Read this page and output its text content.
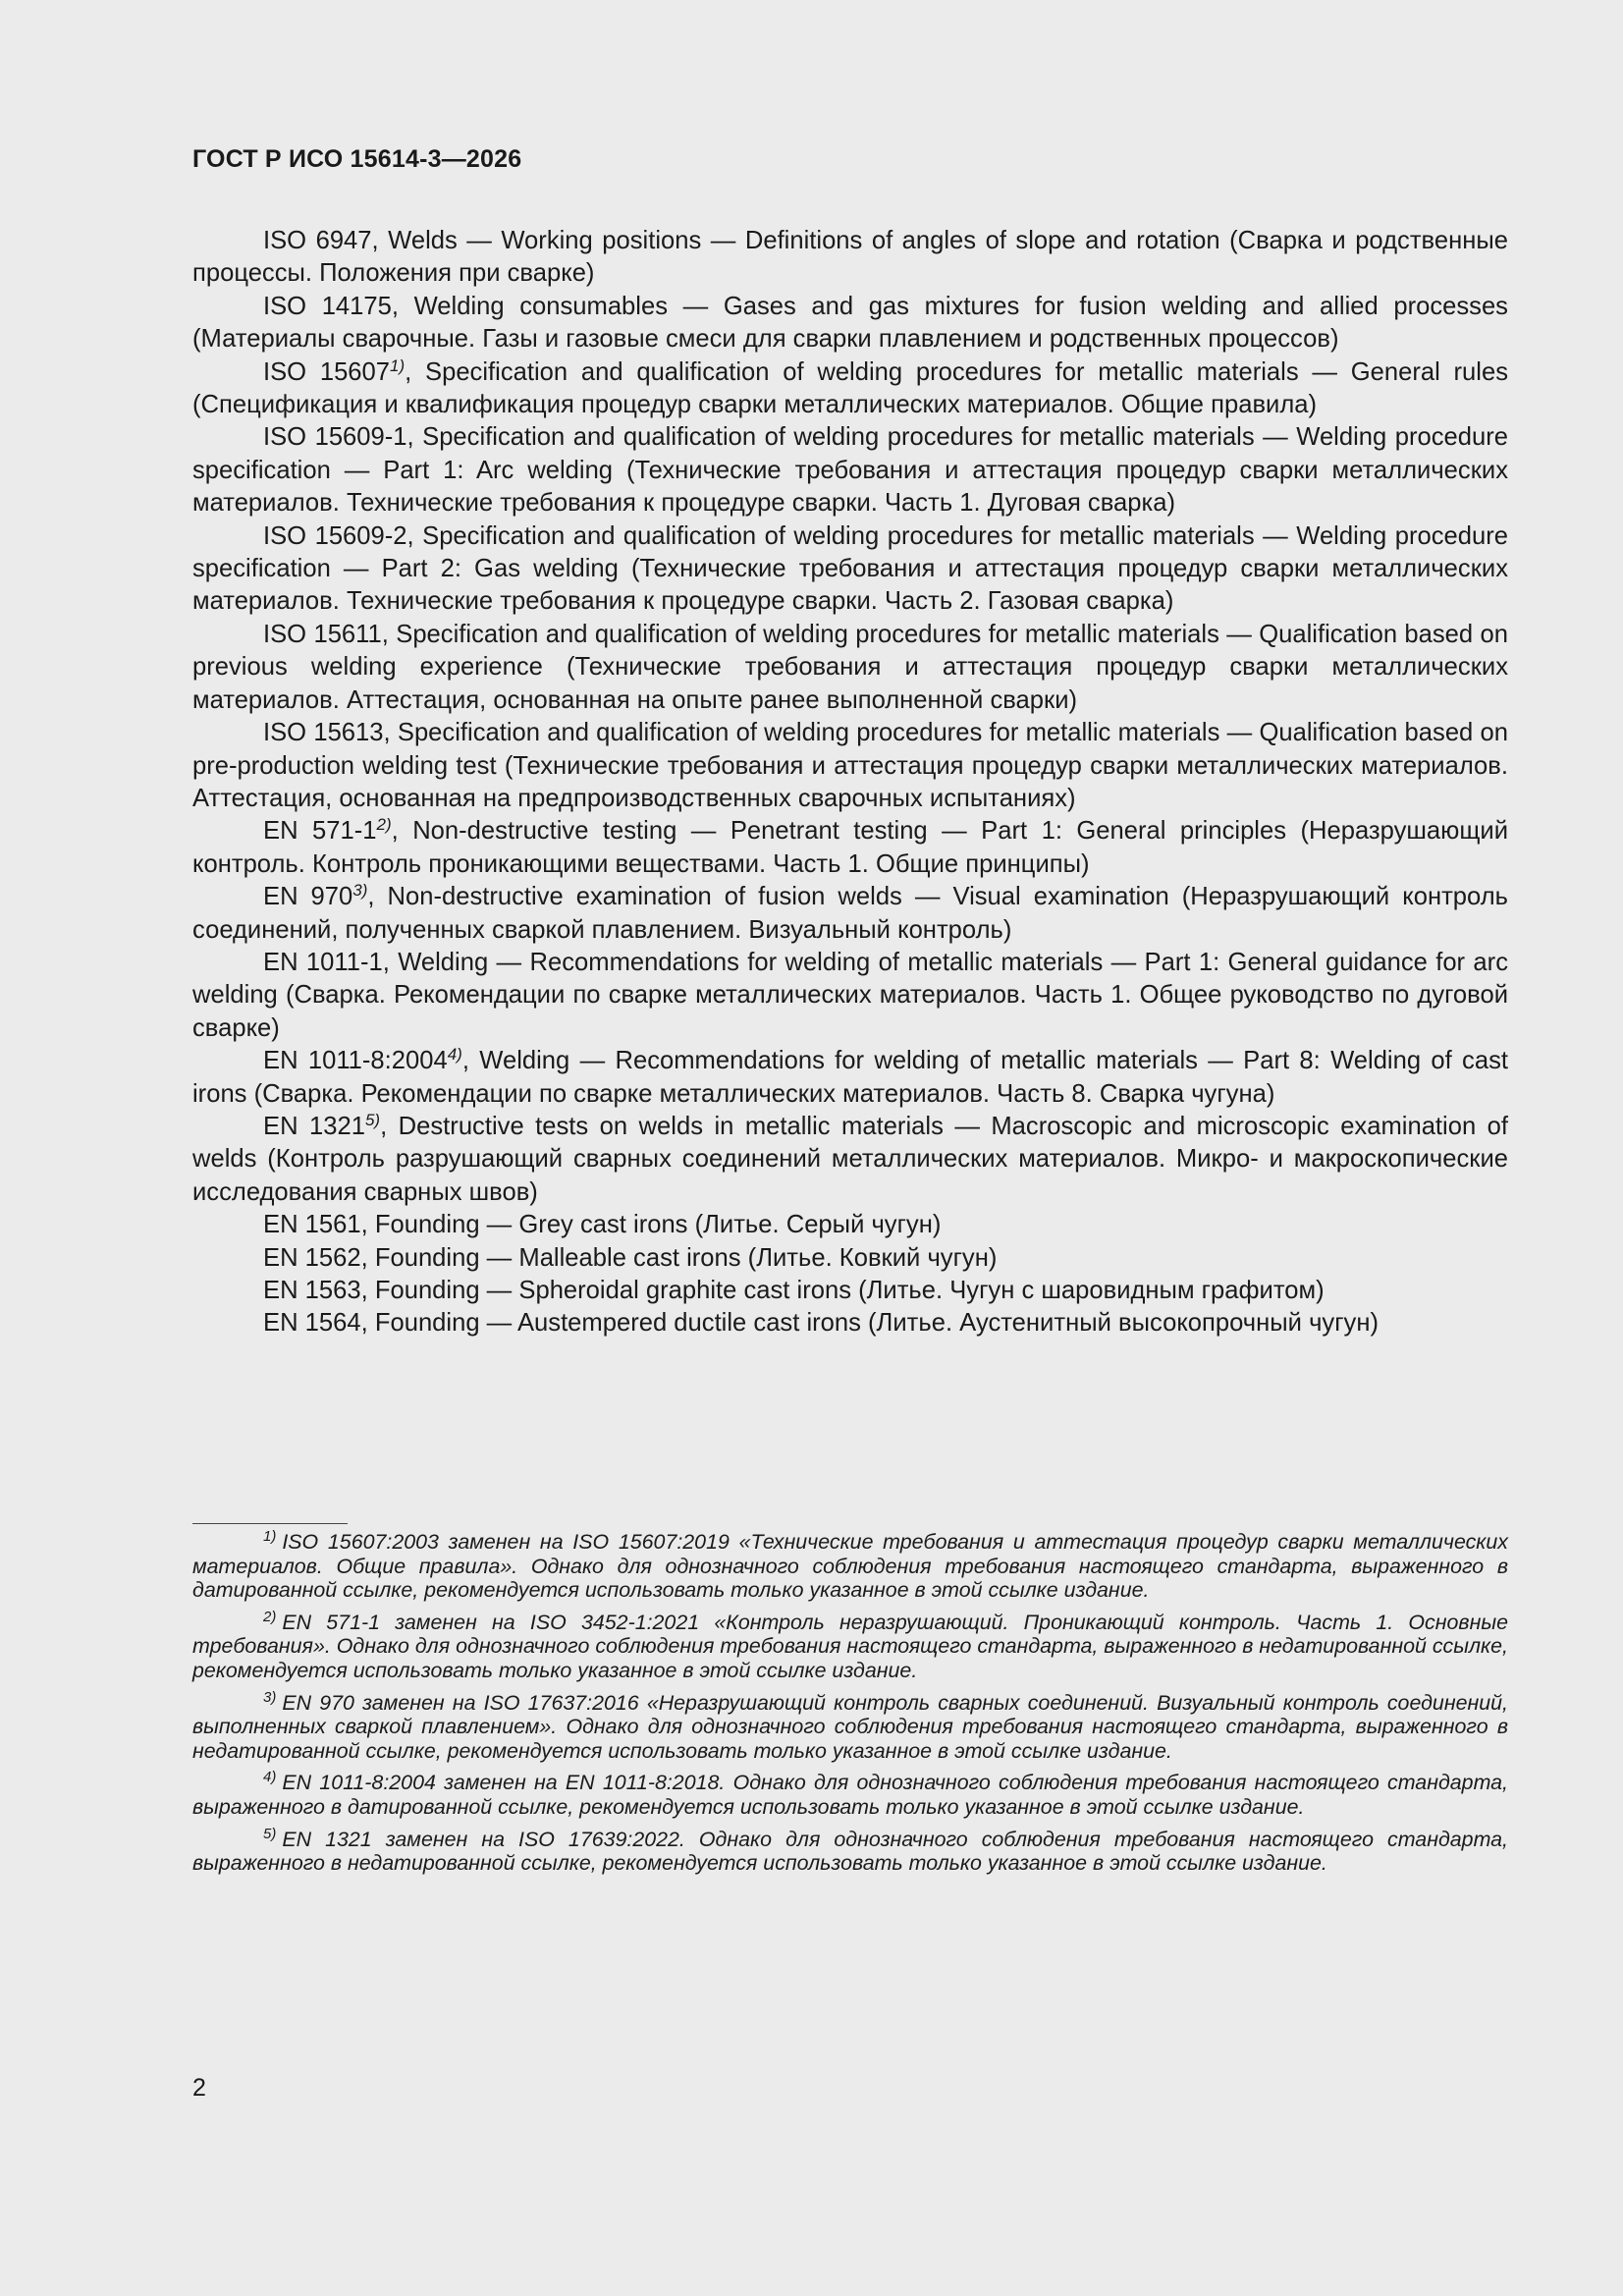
ГОСТ Р ИСО 15614-3—2026

ISO 6947, Welds — Working positions — Definitions of angles of slope and rotation (Сварка и родственные процессы. Положения при сварке)

ISO 14175, Welding consumables — Gases and gas mixtures for fusion welding and allied processes (Материалы сварочные. Газы и газовые смеси для сварки плавлением и родственных процессов)

ISO 15607$^{1)}$, Specification and qualification of welding procedures for metallic materials — General rules (Спецификация и квалификация процедур сварки металлических материалов. Общие правила)

ISO 15609-1, Specification and qualification of welding procedures for metallic materials — Welding procedure specification — Part 1: Arc welding (Технические требования и аттестация процедур сварки металлических материалов. Технические требования к процедуре сварки. Часть 1. Дуговая сварка)

ISO 15609-2, Specification and qualification of welding procedures for metallic materials — Welding procedure specification — Part 2: Gas welding (Технические требования и аттестация процедур сварки металлических материалов. Технические требования к процедуре сварки. Часть 2. Газовая сварка)

ISO 15611, Specification and qualification of welding procedures for metallic materials — Qualification based on previous welding experience (Технические требования и аттестация процедур сварки металлических материалов. Аттестация, основанная на опыте ранее выполненной сварки)

ISO 15613, Specification and qualification of welding procedures for metallic materials — Qualification based on pre-production welding test (Технические требования и аттестация процедур сварки металлических материалов. Аттестация, основанная на предпроизводственных сварочных испытаниях)

EN 571-1$^{2)}$, Non-destructive testing — Penetrant testing — Part 1: General principles (Неразрушающий контроль. Контроль проникающими веществами. Часть 1. Общие принципы)

EN 970$^{3)}$, Non-destructive examination of fusion welds — Visual examination (Неразрушающий контроль соединений, полученных сваркой плавлением. Визуальный контроль)

EN 1011-1, Welding — Recommendations for welding of metallic materials — Part 1: General guidance for arc welding (Сварка. Рекомендации по сварке металлических материалов. Часть 1. Общее руководство по дуговой сварке)

EN 1011-8:2004$^{4)}$, Welding — Recommendations for welding of metallic materials — Part 8: Welding of cast irons (Сварка. Рекомендации по сварке металлических материалов. Часть 8. Сварка чугуна)

EN 1321$^{5)}$, Destructive tests on welds in metallic materials — Macroscopic and microscopic examination of welds (Контроль разрушающий сварных соединений металлических материалов. Микро- и макроскопические исследования сварных швов)

EN 1561, Founding — Grey cast irons (Литье. Серый чугун)

EN 1562, Founding — Malleable cast irons (Литье. Ковкий чугун)

EN 1563, Founding — Spheroidal graphite cast irons (Литье. Чугун с шаровидным графитом)

EN 1564, Founding — Austempered ductile cast irons (Литье. Аустенитный высокопрочный чугун)

$^{1)}$ ISO 15607:2003 заменен на ISO 15607:2019 «Технические требования и аттестация процедур сварки металлических материалов. Общие правила». Однако для однозначного соблюдения требования настоящего стандарта, выраженного в датированной ссылке, рекомендуется использовать только указанное в этой ссылке издание.

$^{2)}$ EN 571-1 заменен на ISO 3452-1:2021 «Контроль неразрушающий. Проникающий контроль. Часть 1. Основные требования». Однако для однозначного соблюдения требования настоящего стандарта, выраженного в недатированной ссылке, рекомендуется использовать только указанное в этой ссылке издание.

$^{3)}$ EN 970 заменен на ISO 17637:2016 «Неразрушающий контроль сварных соединений. Визуальный контроль соединений, выполненных сваркой плавлением». Однако для однозначного соблюдения требования настоящего стандарта, выраженного в недатированной ссылке, рекомендуется использовать только указанное в этой ссылке издание.

$^{4)}$ EN 1011-8:2004 заменен на EN 1011-8:2018. Однако для однозначного соблюдения требования настоящего стандарта, выраженного в датированной ссылке, рекомендуется использовать только указанное в этой ссылке издание.

$^{5)}$ EN 1321 заменен на ISO 17639:2022. Однако для однозначного соблюдения требования настоящего стандарта, выраженного в недатированной ссылке, рекомендуется использовать только указанное в этой ссылке издание.

2
